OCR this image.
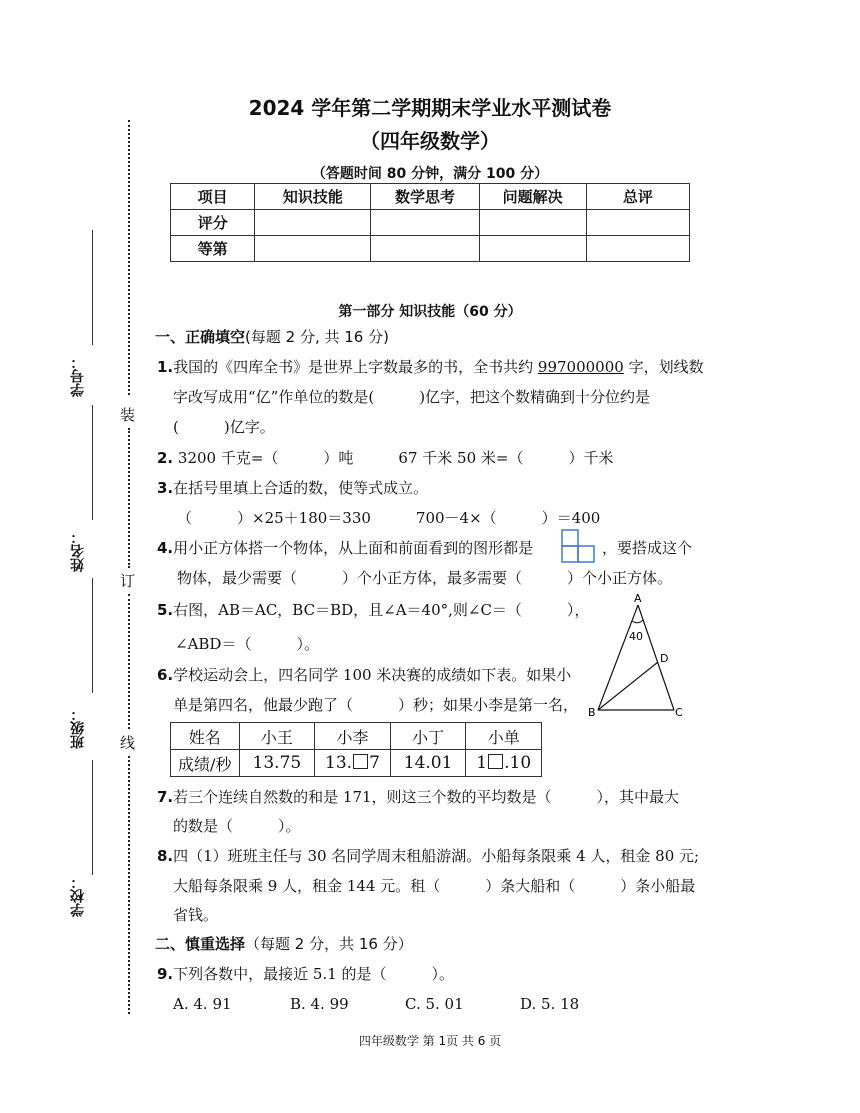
2024 学年第二学期期末学业水平测试卷
（四年级数学）
（答题时间 80 分钟，满分 100 分）
项目	知识技能	数学思考	问题解决	总评
评分				
等第				
学号：
姓名：
班级：
学校：
装
订
线
第一部分 知识技能（60 分）
一、正确填空(每题 2 分, 共 16 分)
1.我国的《四库全书》是世界上字数最多的书，全书共约 997000000 字，划线数
字改写成用“亿”作单位的数是(　　　)亿字，把这个数精确到十分位约是
(　　　)亿字。
2. 3200 千克=（　　　）吨　　　67 千米 50 米=（　　　）千米
3.在括号里填上合适的数，使等式成立。
（　　　）×25＋180＝330　　　700－4×（　　　）＝400
4.用小正方体搭一个物体，从上面和前面看到的图形都是	，要搭成这个
物体，最少需要（　　　）个小正方体，最多需要（　　　）个小正方体。
5.右图，AB＝AC，BC＝BD，且∠A＝40°,则∠C＝（　　　），
∠ABD＝（　　　）。
A
40
D
B	C
6.学校运动会上，四名同学 100 米决赛的成绩如下表。如果小
单是第四名，他最少跑了（　　　）秒；如果小李是第一名，
姓名	小王	小李	小丁	小单
成绩/秒	13.75	13. 7	14.01	1 .10
7.若三个连续自然数的和是 171，则这三个数的平均数是（　　　），其中最大
的数是（　　　）。
8.四（1）班班主任与 30 名同学周末租船游湖。小船每条限乘 4 人，租金 80 元;
大船每条限乘 9 人，租金 144 元。租（　　　）条大船和（　　　）条小船最
省钱。
二、慎重选择（每题 2 分，共 16 分）
9.下列各数中，最接近 5.1 的是（　　　）。
A. 4. 91	B. 4. 99	C. 5. 01	D. 5. 18
四年级数学 第 1页 共 6 页
